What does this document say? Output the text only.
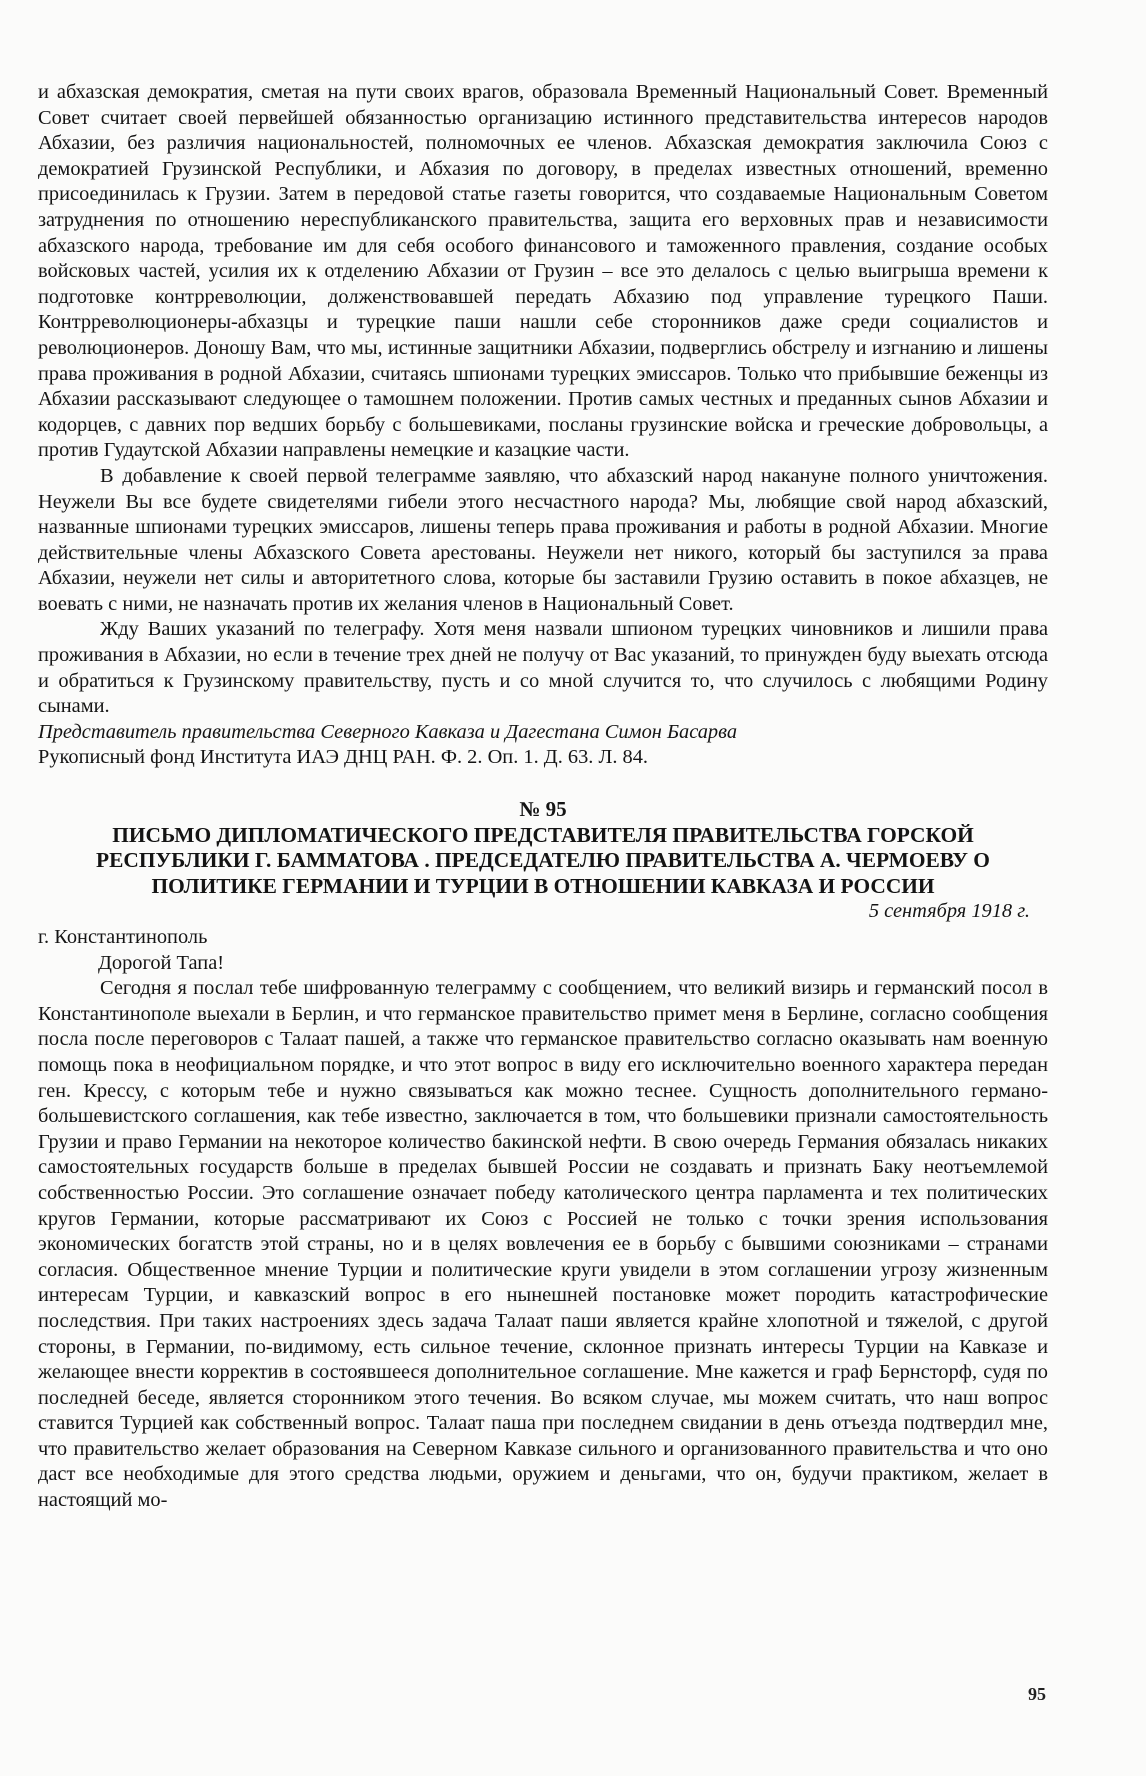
и абхазская демократия, сметая на пути своих врагов, образовала Временный Национальный Совет. Временный Совет считает своей первейшей обязанностью организацию истинного представительства интересов народов Абхазии, без различия национальностей, полномочных ее членов. Абхазская демократия заключила Союз с демократией Грузинской Республики, и Абхазия по договору, в пределах известных отношений, временно присоединилась к Грузии. Затем в передовой статье газеты говорится, что создаваемые Национальным Советом затруднения по отношению нереспубликанского правительства, защита его верховных прав и независимости абхазского народа, требование им для себя особого финансового и таможенного правления, создание особых войсковых частей, усилия их к отделению Абхазии от Грузин – все это делалось с целью выигрыша времени к подготовке контрреволюции, долженствовавшей передать Абхазию под управление турецкого Паши. Контрреволюционеры-абхазцы и турецкие паши нашли себе сторонников даже среди социалистов и революционеров. Доношу Вам, что мы, истинные защитники Абхазии, подверглись обстрелу и изгнанию и лишены права проживания в родной Абхазии, считаясь шпионами турецких эмиссаров. Только что прибывшие беженцы из Абхазии рассказывают следующее о тамошнем положении. Против самых честных и преданных сынов Абхазии и кодорцев, с давних пор ведших борьбу с большевиками, посланы грузинские войска и греческие добровольцы, а против Гудаутской Абхазии направлены немецкие и казацкие части.

В добавление к своей первой телеграмме заявляю, что абхазский народ накануне полного уничтожения. Неужели Вы все будете свидетелями гибели этого несчастного народа? Мы, любящие свой народ абхазский, названные шпионами турецких эмиссаров, лишены теперь права проживания и работы в родной Абхазии. Многие действительные члены Абхазского Совета арестованы. Неужели нет никого, который бы заступился за права Абхазии, неужели нет силы и авторитетного слова, которые бы заставили Грузию оставить в покое абхазцев, не воевать с ними, не назначать против их желания членов в Национальный Совет.

Жду Ваших указаний по телеграфу. Хотя меня назвали шпионом турецких чиновников и лишили права проживания в Абхазии, но если в течение трех дней не получу от Вас указаний, то принужден буду выехать отсюда и обратиться к Грузинскому правительству, пусть и со мной случится то, что случилось с любящими Родину сынами.

Представитель правительства Северного Кавказа и Дагестана Симон Басарва

Рукописный фонд Института ИАЭ ДНЦ РАН. Ф. 2. Оп. 1. Д. 63. Л. 84.

№ 95
ПИСЬМО ДИПЛОМАТИЧЕСКОГО ПРЕДСТАВИТЕЛЯ ПРАВИТЕЛЬСТВА ГОРСКОЙ РЕСПУБЛИКИ Г. БАММАТОВА . ПРЕДСЕДАТЕЛЮ ПРАВИТЕЛЬСТВА А. ЧЕРМОЕВУ О ПОЛИТИКЕ ГЕРМАНИИ И ТУРЦИИ В ОТНОШЕНИИ КАВКАЗА И РОССИИ
5 сентября 1918 г.

г. Константинополь

Дорогой Тапа!

Сегодня я послал тебе шифрованную телеграмму с сообщением, что великий визирь и германский посол в Константинополе выехали в Берлин, и что германское правительство примет меня в Берлине, согласно сообщения посла после переговоров с Талаат пашей, а также что германское правительство согласно оказывать нам военную помощь пока в неофициальном порядке, и что этот вопрос в виду его исключительно военного характера передан ген. Крессу, с которым тебе и нужно связываться как можно теснее. Сущность дополнительного германо-большевистского соглашения, как тебе известно, заключается в том, что большевики признали самостоятельность Грузии и право Германии на некоторое количество бакинской нефти. В свою очередь Германия обязалась никаких самостоятельных государств больше в пределах бывшей России не создавать и признать Баку неотъемлемой собственностью России. Это соглашение означает победу католического центра парламента и тех политических кругов Германии, которые рассматривают их Союз с Россией не только с точки зрения использования экономических богатств этой страны, но и в целях вовлечения ее в борьбу с бывшими союзниками – странами согласия. Общественное мнение Турции и политические круги увидели в этом соглашении угрозу жизненным интересам Турции, и кавказский вопрос в его нынешней постановке может породить катастрофические последствия. При таких настроениях здесь задача Талаат паши является крайне хлопотной и тяжелой, с другой стороны, в Германии, по-видимому, есть сильное течение, склонное признать интересы Турции на Кавказе и желающее внести корректив в состоявшееся дополнительное соглашение. Мне кажется и граф Бернсторф, судя по последней беседе, является сторонником этого течения. Во всяком случае, мы можем считать, что наш вопрос ставится Турцией как собственный вопрос. Талаат паша при последнем свидании в день отъезда подтвердил мне, что правительство желает образования на Северном Кавказе сильного и организованного правительства и что оно даст все необходимые для этого средства людьми, оружием и деньгами, что он, будучи практиком, желает в настоящий мо-

95
